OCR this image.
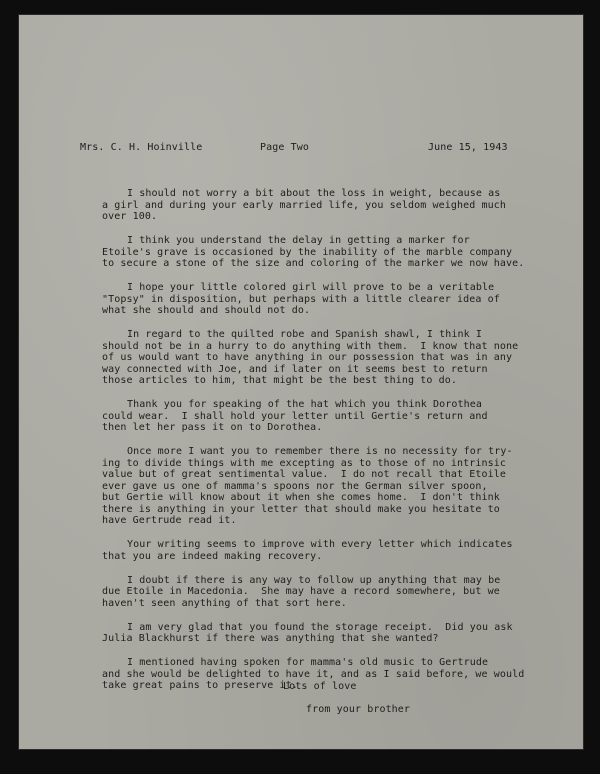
Mrs. C. H. Hoinville	Page Two	June 15, 1943
I should not worry a bit about the loss in weight, because as
a girl and during your early married life, you seldom weighed much
over 100.
I think you understand the delay in getting a marker for
Etoile's grave is occasioned by the inability of the marble company
to secure a stone of the size and coloring of the marker we now have.
I hope your little colored girl will prove to be a veritable
"Topsy" in disposition, but perhaps with a little clearer idea of
what she should and should not do.
In regard to the quilted robe and Spanish shawl, I think I
should not be in a hurry to do anything with them.  I know that none
of us would want to have anything in our possession that was in any
way connected with Joe, and if later on it seems best to return
those articles to him, that might be the best thing to do.
Thank you for speaking of the hat which you think Dorothea
could wear.  I shall hold your letter until Gertie's return and
then let her pass it on to Dorothea.
Once more I want you to remember there is no necessity for try-
ing to divide things with me excepting as to those of no intrinsic
value but of great sentimental value.  I do not recall that Etoile
ever gave us one of mamma's spoons nor the German silver spoon,
but Gertie will know about it when she comes home.  I don't think
there is anything in your letter that should make you hesitate to
have Gertrude read it.
Your writing seems to improve with every letter which indicates
that you are indeed making recovery.
I doubt if there is any way to follow up anything that may be
due Etoile in Macedonia.  She may have a record somewhere, but we
haven't seen anything of that sort here.
I am very glad that you found the storage receipt.  Did you ask
Julia Blackhurst if there was anything that she wanted?
I mentioned having spoken for mamma's old music to Gertrude
and she would be delighted to have it, and as I said before, we would
take great pains to preserve it.
Lots of love
from your brother
